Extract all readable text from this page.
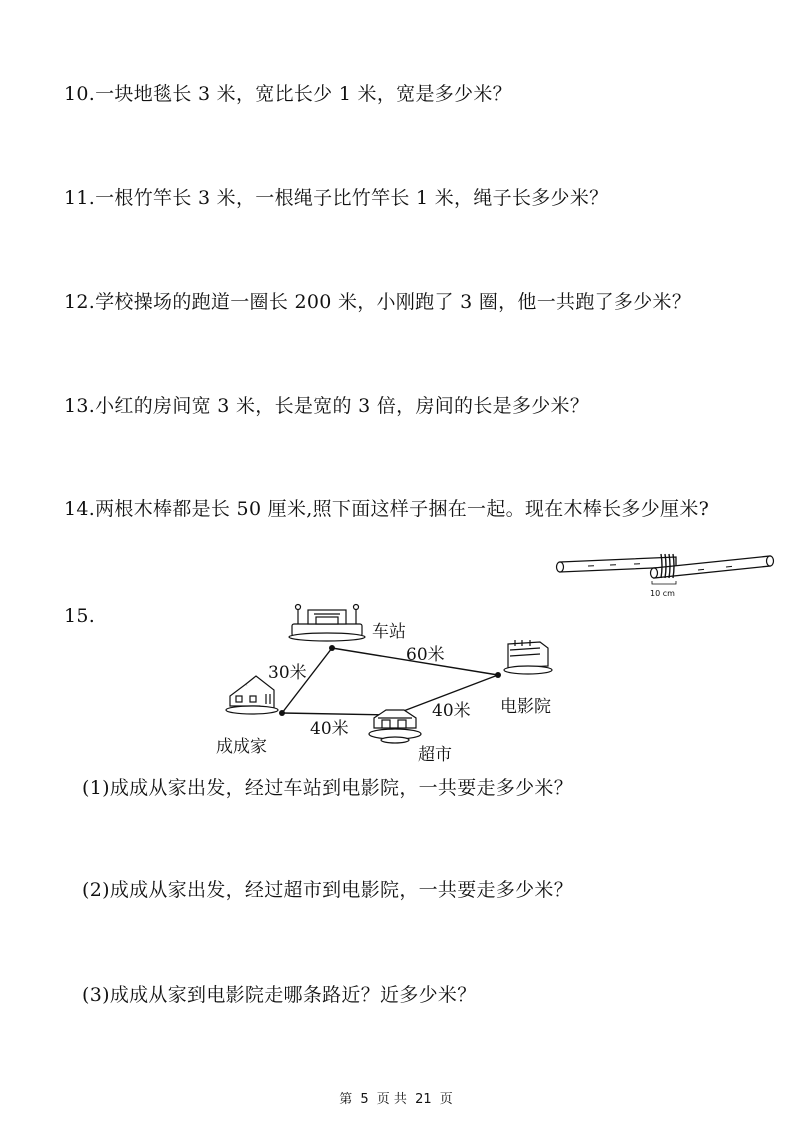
10.一块地毯长 3 米，宽比长少 1 米，宽是多少米？
11.一根竹竿长 3 米，一根绳子比竹竿长 1 米，绳子长多少米？
12.学校操场的跑道一圈长 200 米，小刚跑了 3 圈，他一共跑了多少米？
13.小红的房间宽 3 米，长是宽的 3 倍，房间的长是多少米？
14.两根木棒都是长 50 厘米,照下面这样子捆在一起。现在木棒长多少厘米?
10 cm
15.
车站
电影院
成成家	超市
30米
60米
40米
40米
(1)成成从家出发，经过车站到电影院，一共要走多少米？
(2)成成从家出发，经过超市到电影院，一共要走多少米？
(3)成成从家到电影院走哪条路近？近多少米？
第 5 页 共 21 页
